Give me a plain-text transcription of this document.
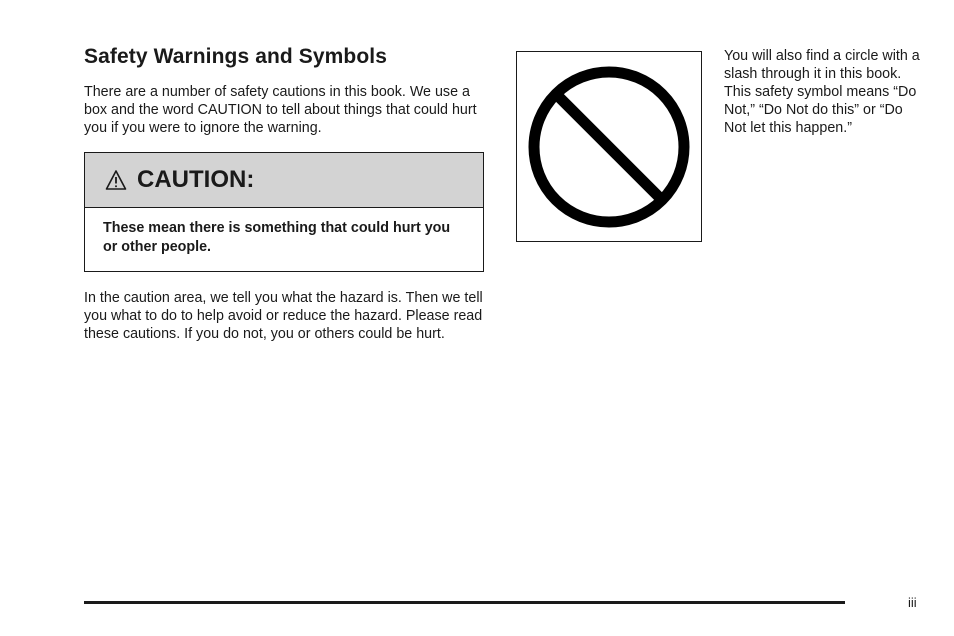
Safety Warnings and Symbols

There are a number of safety cautions in this book. We use a box and the word CAUTION to tell about things that could hurt you if you were to ignore the warning.

CAUTION:
These mean there is something that could hurt you or other people.

In the caution area, we tell you what the hazard is. Then we tell you what to do to help avoid or reduce the hazard. Please read these cautions. If you do not, you or others could be hurt.

You will also find a circle with a slash through it in this book. This safety symbol means “Do Not,” “Do Not do this” or “Do Not let this happen.”

iii
